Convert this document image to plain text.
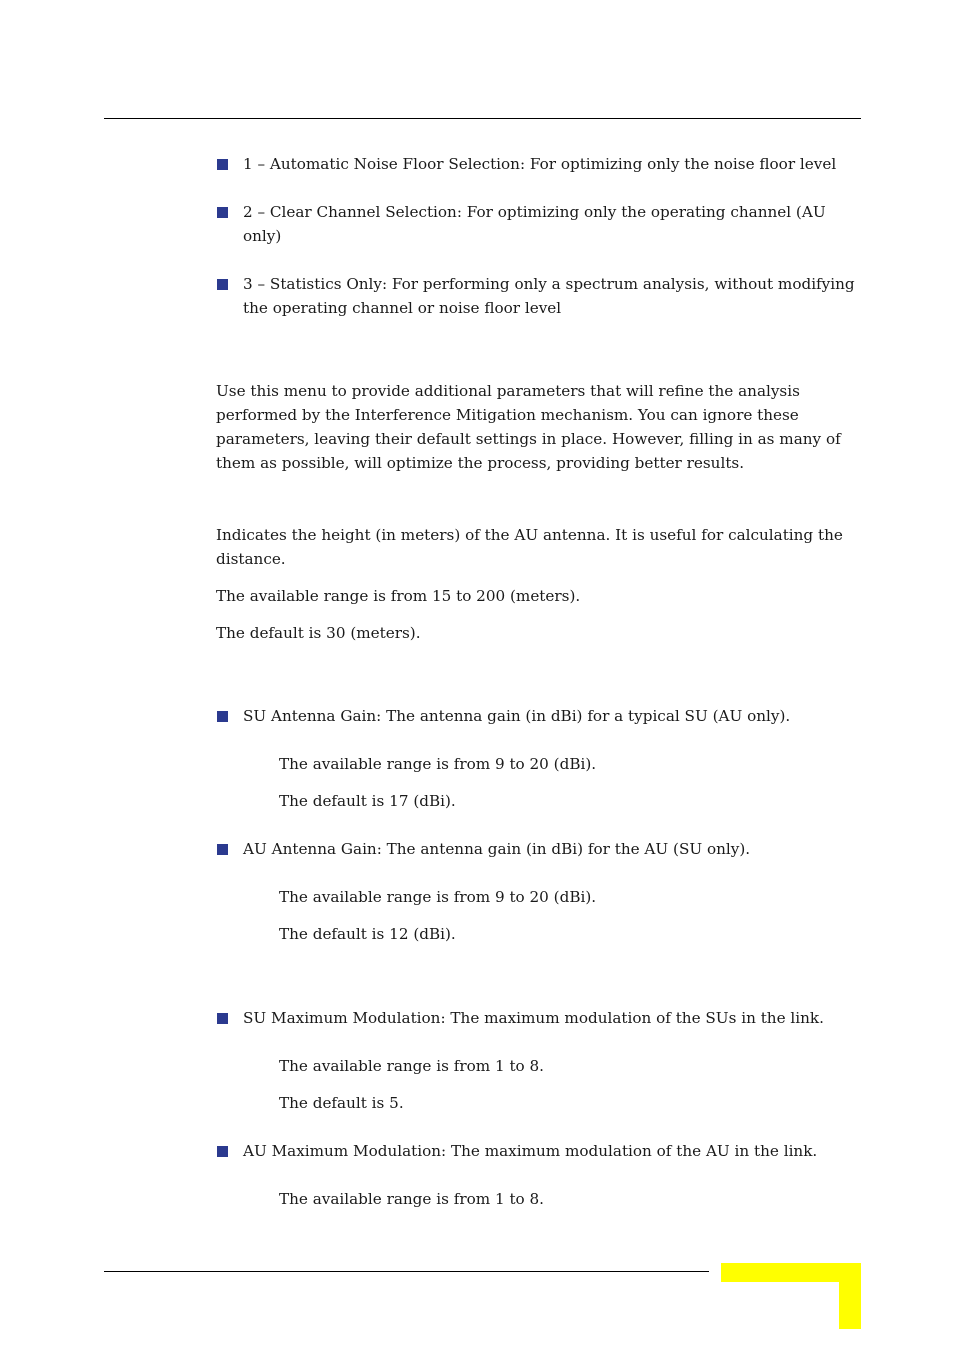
1 – Automatic Noise Floor Selection: For optimizing only the noise floor level
2 – Clear Channel Selection: For optimizing only the operating channel (AU only)
3 – Statistics Only: For performing only a spectrum analysis, without modifying the operating channel or noise floor level

Use this menu to provide additional parameters that will refine the analysis performed by the Interference Mitigation mechanism. You can ignore these parameters, leaving their default settings in place. However, filling in as many of them as possible, will optimize the process, providing better results.

Indicates the height (in meters) of the AU antenna. It is useful for calculating the distance.

The available range is from 15 to 200 (meters).

The default is 30 (meters).

SU Antenna Gain: The antenna gain (in dBi) for a typical SU (AU only).

The available range is from 9 to 20 (dBi).

The default is 17 (dBi).

AU Antenna Gain: The antenna gain (in dBi) for the AU (SU only).

The available range is from 9 to 20 (dBi).

The default is 12 (dBi).

SU Maximum Modulation: The maximum modulation of the SUs in the link.

The available range is from 1 to 8.

The default is 5.

AU Maximum Modulation: The maximum modulation of the AU in the link.

The available range is from 1 to 8.
